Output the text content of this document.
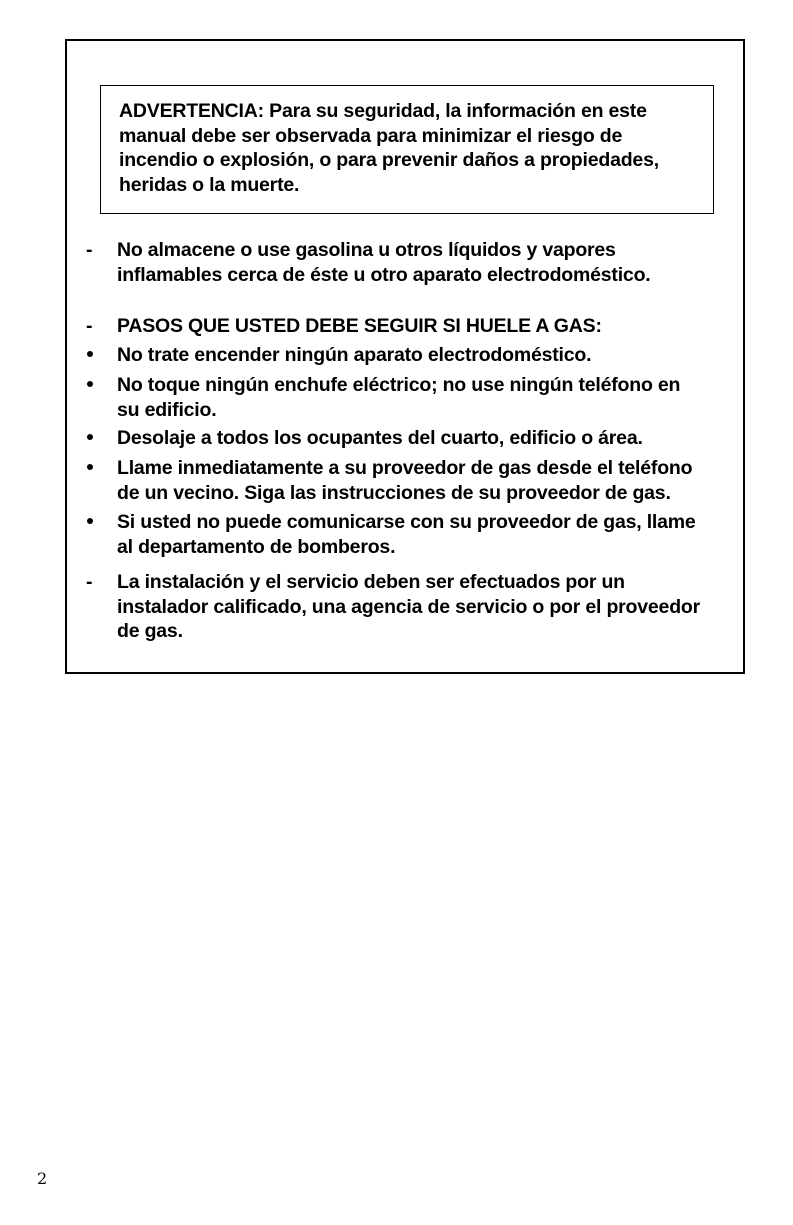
ADVERTENCIA: Para su seguridad, la información en este
manual debe ser observada para minimizar el riesgo de
incendio o explosión, o para prevenir daños a propiedades,
heridas o la muerte.
-	No almacene o use gasolina u otros líquidos y vapores
inflamables cerca de éste u otro aparato electrodoméstico.
-	PASOS QUE USTED DEBE SEGUIR SI HUELE A GAS:
No trate encender ningún aparato electrodoméstico.
No toque ningún enchufe eléctrico; no use ningún teléfono en
su edificio.
Desolaje a todos los ocupantes del cuarto, edificio o área.
Llame inmediatamente a su proveedor de gas desde el teléfono
de un vecino. Siga las instrucciones de su proveedor de gas.
Si usted no puede comunicarse con su proveedor de gas, llame
al departamento de bomberos.
-	La instalación y el servicio deben ser efectuados por un
instalador calificado, una agencia de servicio o por el proveedor
de gas.
2
